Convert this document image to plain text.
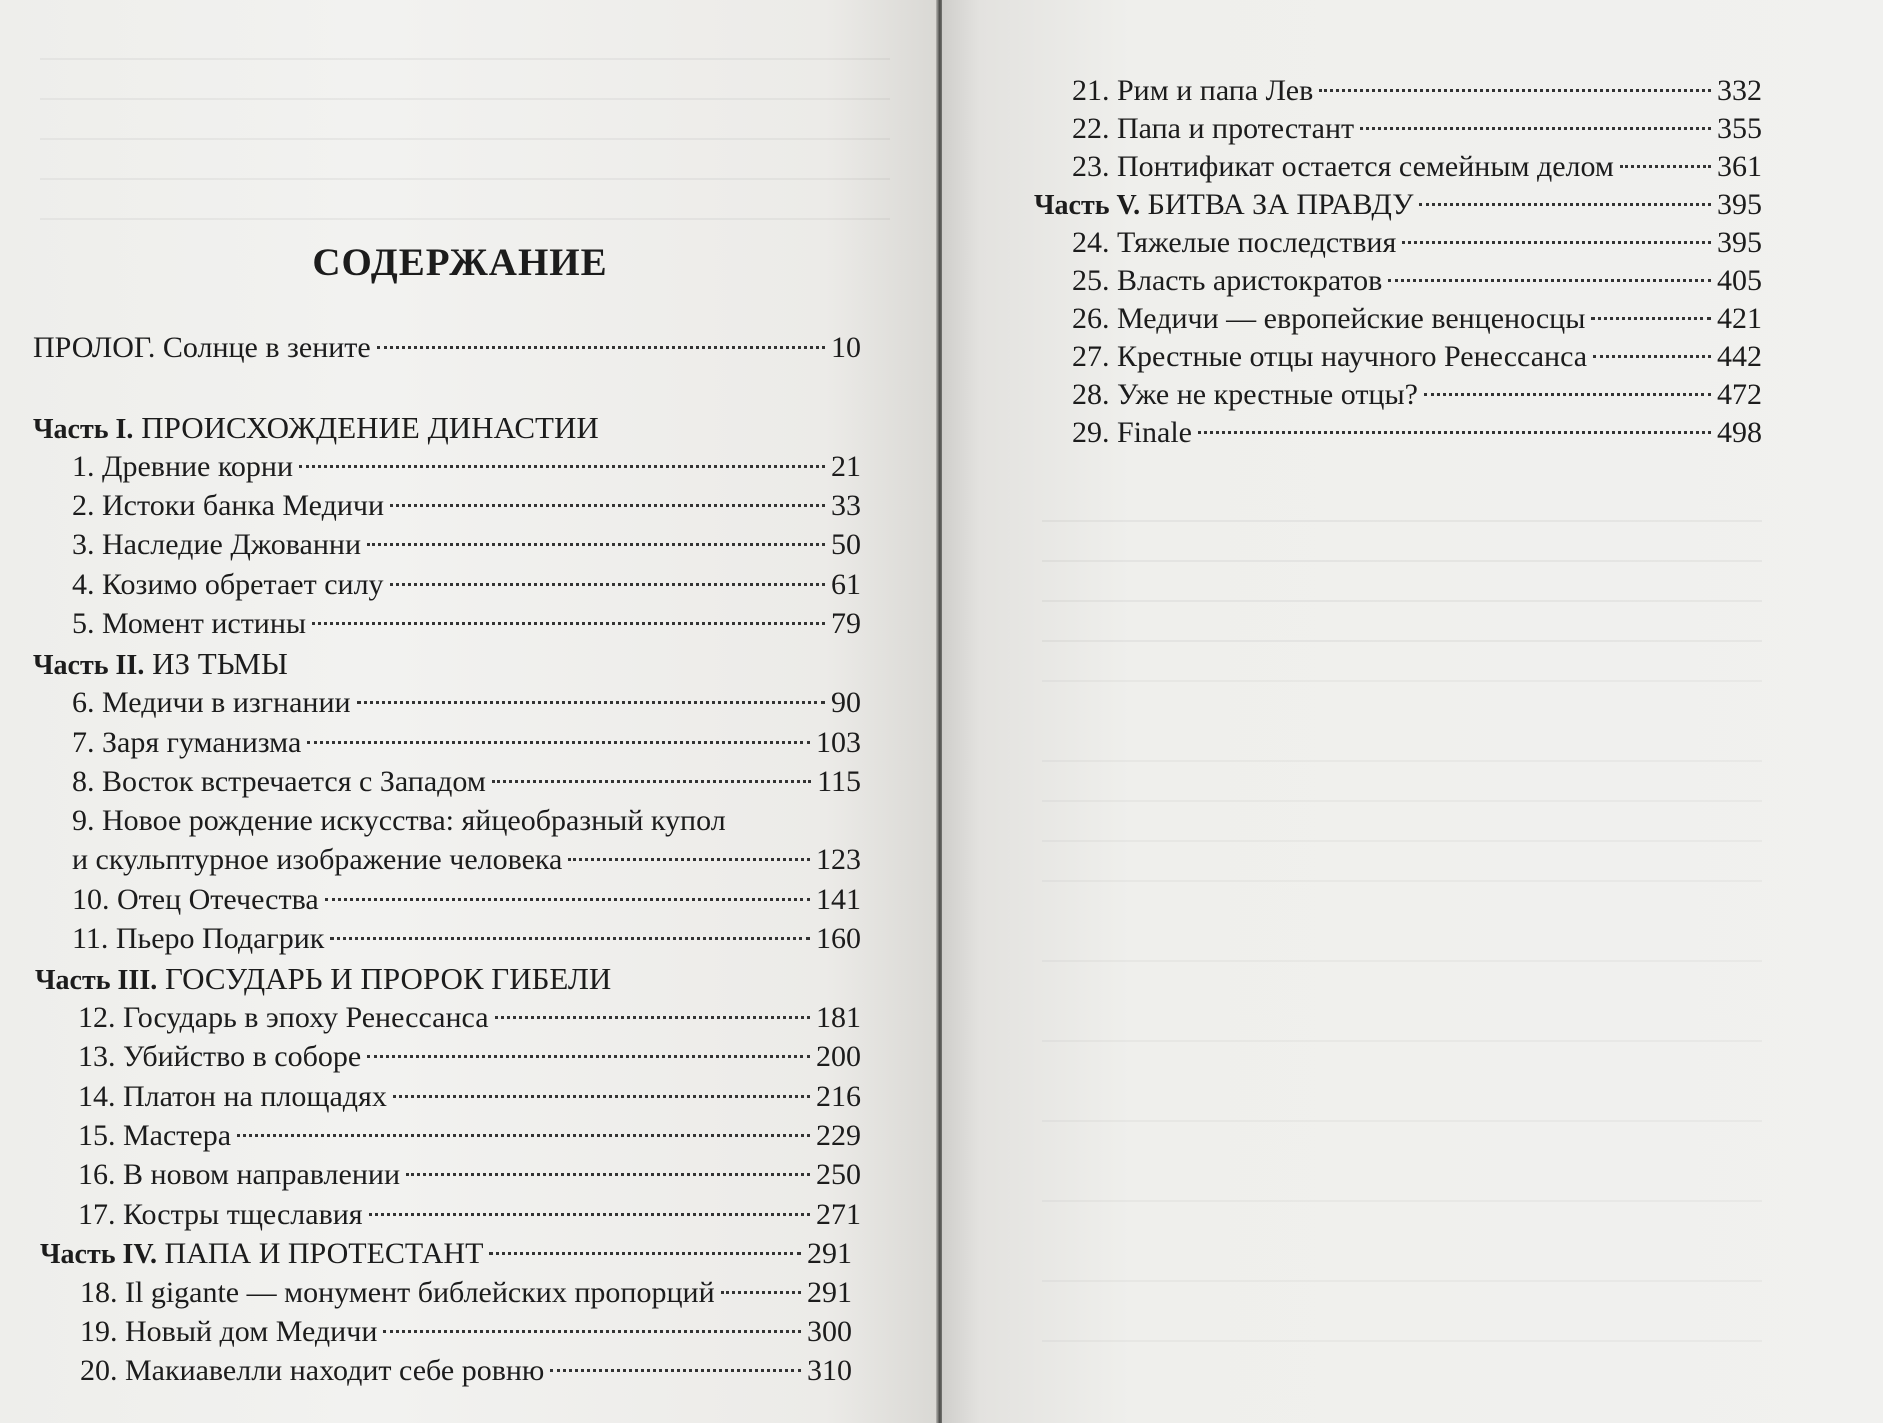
СОДЕРЖАНИЕ
ПРОЛОГ. Солнце в зените	10
Часть I. ПРОИСХОЖДЕНИЕ ДИНАСТИИ
1. Древние корни	21
2. Истоки банка Медичи	33
3. Наследие Джованни	50
4. Козимо обретает силу	61
5. Момент истины	79
Часть II. ИЗ ТЬМЫ
6. Медичи в изгнании	90
7. Заря гуманизма	103
8. Восток встречается с Западом	115
9. Новое рождение искусства: яйцеобразный купол
и скульптурное изображение человека	123
10. Отец Отечества	141
11. Пьеро Подагрик	160
Часть III. ГОСУДАРЬ И ПРОРОК ГИБЕЛИ
12. Государь в эпоху Ренессанса	181
13. Убийство в соборе	200
14. Платон на площадях	216
15. Мастера	229
16. В новом направлении	250
17. Костры тщеславия	271
Часть IV. ПАПА И ПРОТЕСТАНТ	291
18. Il gigante — монумент библейских пропорций	291
19. Новый дом Медичи	300
20. Макиавелли находит себе ровню	310
21. Рим и папа Лев	332
22. Папа и протестант	355
23. Понтификат остается семейным делом	361
Часть V. БИТВА ЗА ПРАВДУ	395
24. Тяжелые последствия	395
25. Власть аристократов	405
26. Медичи — европейские венценосцы	421
27. Крестные отцы научного Ренессанса	442
28. Уже не крестные отцы?	472
29. Finale	498
